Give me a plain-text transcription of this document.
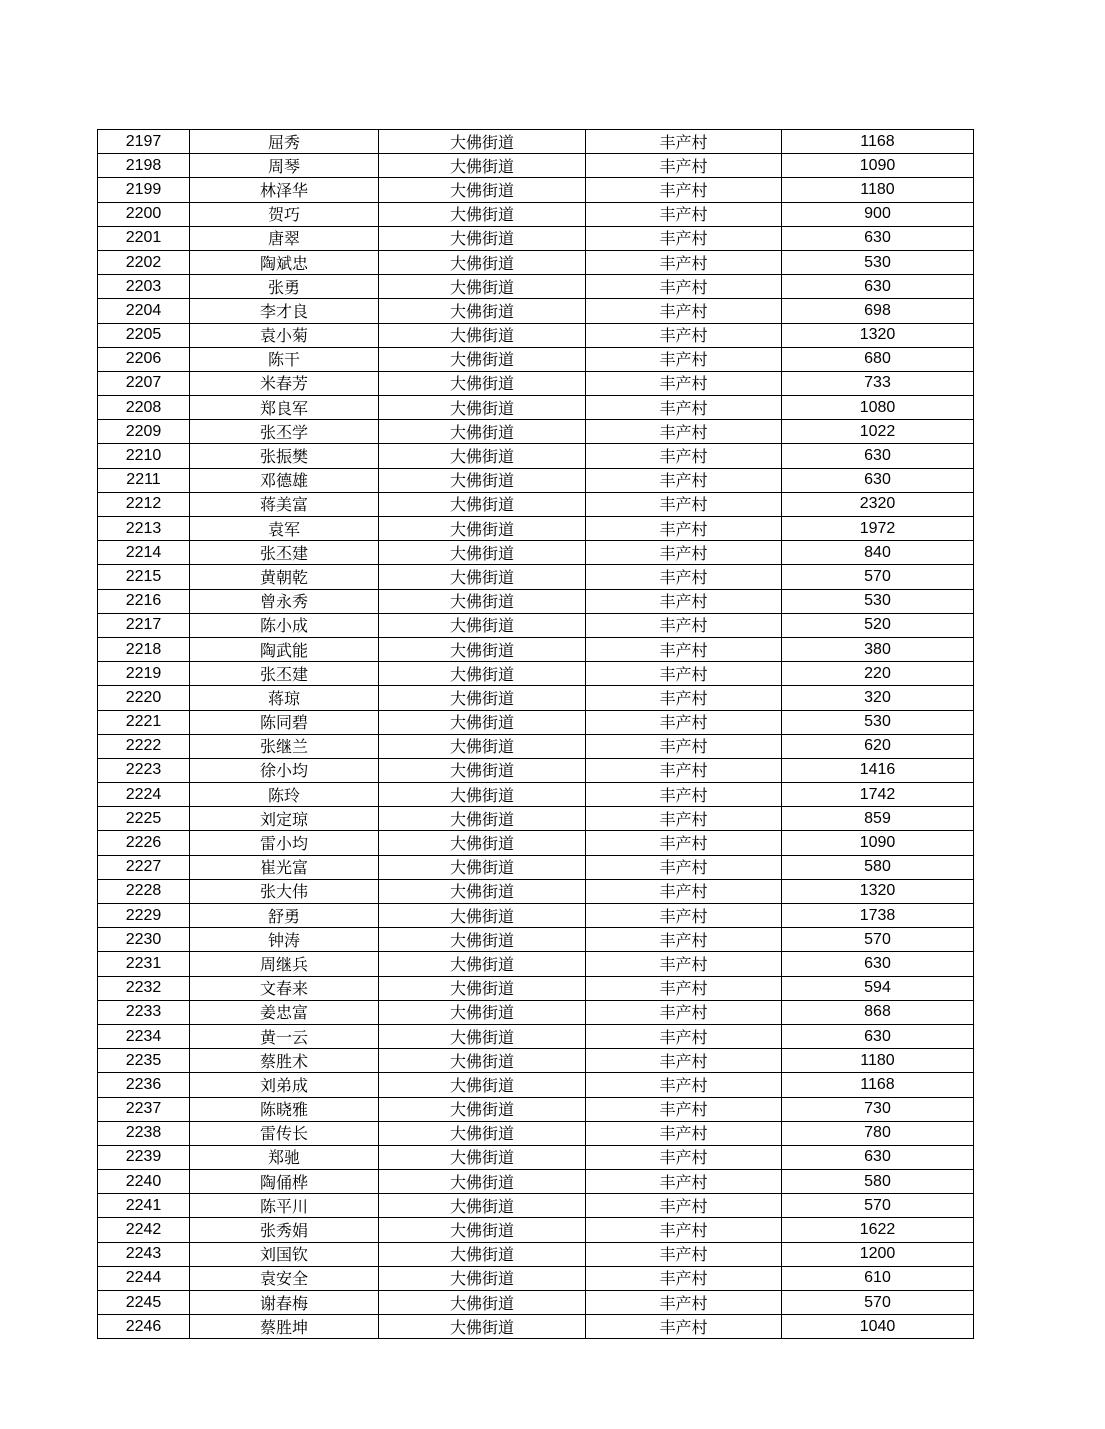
2197	屈秀	大佛街道	丰产村	1168
2198	周琴	大佛街道	丰产村	1090
2199	林泽华	大佛街道	丰产村	1180
2200	贺巧	大佛街道	丰产村	900
2201	唐翠	大佛街道	丰产村	630
2202	陶斌忠	大佛街道	丰产村	530
2203	张勇	大佛街道	丰产村	630
2204	李才良	大佛街道	丰产村	698
2205	袁小菊	大佛街道	丰产村	1320
2206	陈干	大佛街道	丰产村	680
2207	米春芳	大佛街道	丰产村	733
2208	郑良军	大佛街道	丰产村	1080
2209	张丕学	大佛街道	丰产村	1022
2210	张振樊	大佛街道	丰产村	630
2211	邓德雄	大佛街道	丰产村	630
2212	蒋美富	大佛街道	丰产村	2320
2213	袁军	大佛街道	丰产村	1972
2214	张丕建	大佛街道	丰产村	840
2215	黄朝乾	大佛街道	丰产村	570
2216	曾永秀	大佛街道	丰产村	530
2217	陈小成	大佛街道	丰产村	520
2218	陶武能	大佛街道	丰产村	380
2219	张丕建	大佛街道	丰产村	220
2220	蒋琼	大佛街道	丰产村	320
2221	陈同碧	大佛街道	丰产村	530
2222	张继兰	大佛街道	丰产村	620
2223	徐小均	大佛街道	丰产村	1416
2224	陈玲	大佛街道	丰产村	1742
2225	刘定琼	大佛街道	丰产村	859
2226	雷小均	大佛街道	丰产村	1090
2227	崔光富	大佛街道	丰产村	580
2228	张大伟	大佛街道	丰产村	1320
2229	舒勇	大佛街道	丰产村	1738
2230	钟涛	大佛街道	丰产村	570
2231	周继兵	大佛街道	丰产村	630
2232	文春来	大佛街道	丰产村	594
2233	姜忠富	大佛街道	丰产村	868
2234	黄一云	大佛街道	丰产村	630
2235	蔡胜术	大佛街道	丰产村	1180
2236	刘弟成	大佛街道	丰产村	1168
2237	陈晓雅	大佛街道	丰产村	730
2238	雷传长	大佛街道	丰产村	780
2239	郑驰	大佛街道	丰产村	630
2240	陶俑桦	大佛街道	丰产村	580
2241	陈平川	大佛街道	丰产村	570
2242	张秀娟	大佛街道	丰产村	1622
2243	刘国钦	大佛街道	丰产村	1200
2244	袁安全	大佛街道	丰产村	610
2245	谢春梅	大佛街道	丰产村	570
2246	蔡胜坤	大佛街道	丰产村	1040
